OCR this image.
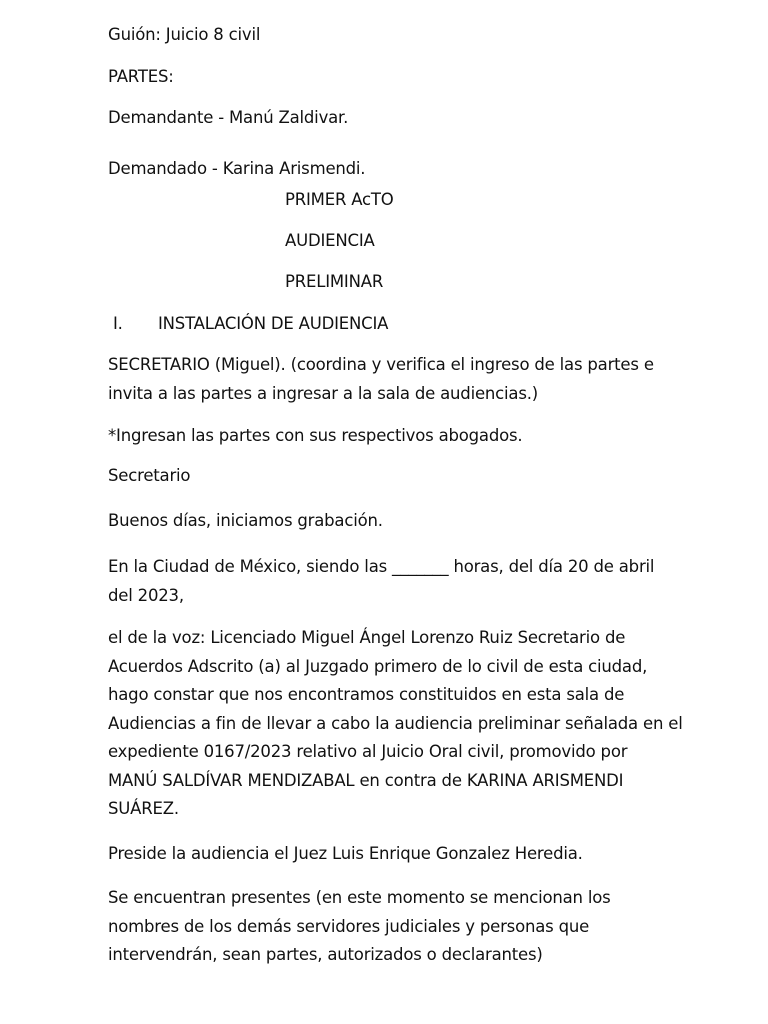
Guión: Juicio 8 civil
PARTES:
Demandante - Manú Zaldivar.
Demandado - Karina Arismendi.
PRIMER AcTO
AUDIENCIA
PRELIMINAR
I. INSTALACIÓN DE AUDIENCIA
SECRETARIO (Miguel). (coordina y verifica el ingreso de las partes e
invita a las partes a ingresar a la sala de audiencias.)
*Ingresan las partes con sus respectivos abogados.
Secretario
Buenos días, iniciamos grabación.
En la Ciudad de México, siendo las _______ horas, del día 20 de abril
del 2023,
el de la voz: Licenciado Miguel Ángel Lorenzo Ruiz Secretario de
Acuerdos Adscrito (a) al Juzgado primero de lo civil de esta ciudad,
hago constar que nos encontramos constituidos en esta sala de
Audiencias a fin de llevar a cabo la audiencia preliminar señalada en el
expediente 0167/2023 relativo al Juicio Oral civil, promovido por
MANÚ SALDÍVAR MENDIZABAL en contra de KARINA ARISMENDI
SUÁREZ.
Preside la audiencia el Juez Luis Enrique Gonzalez Heredia.
Se encuentran presentes (en este momento se mencionan los
nombres de los demás servidores judiciales y personas que
intervendrán, sean partes, autorizados o declarantes)
